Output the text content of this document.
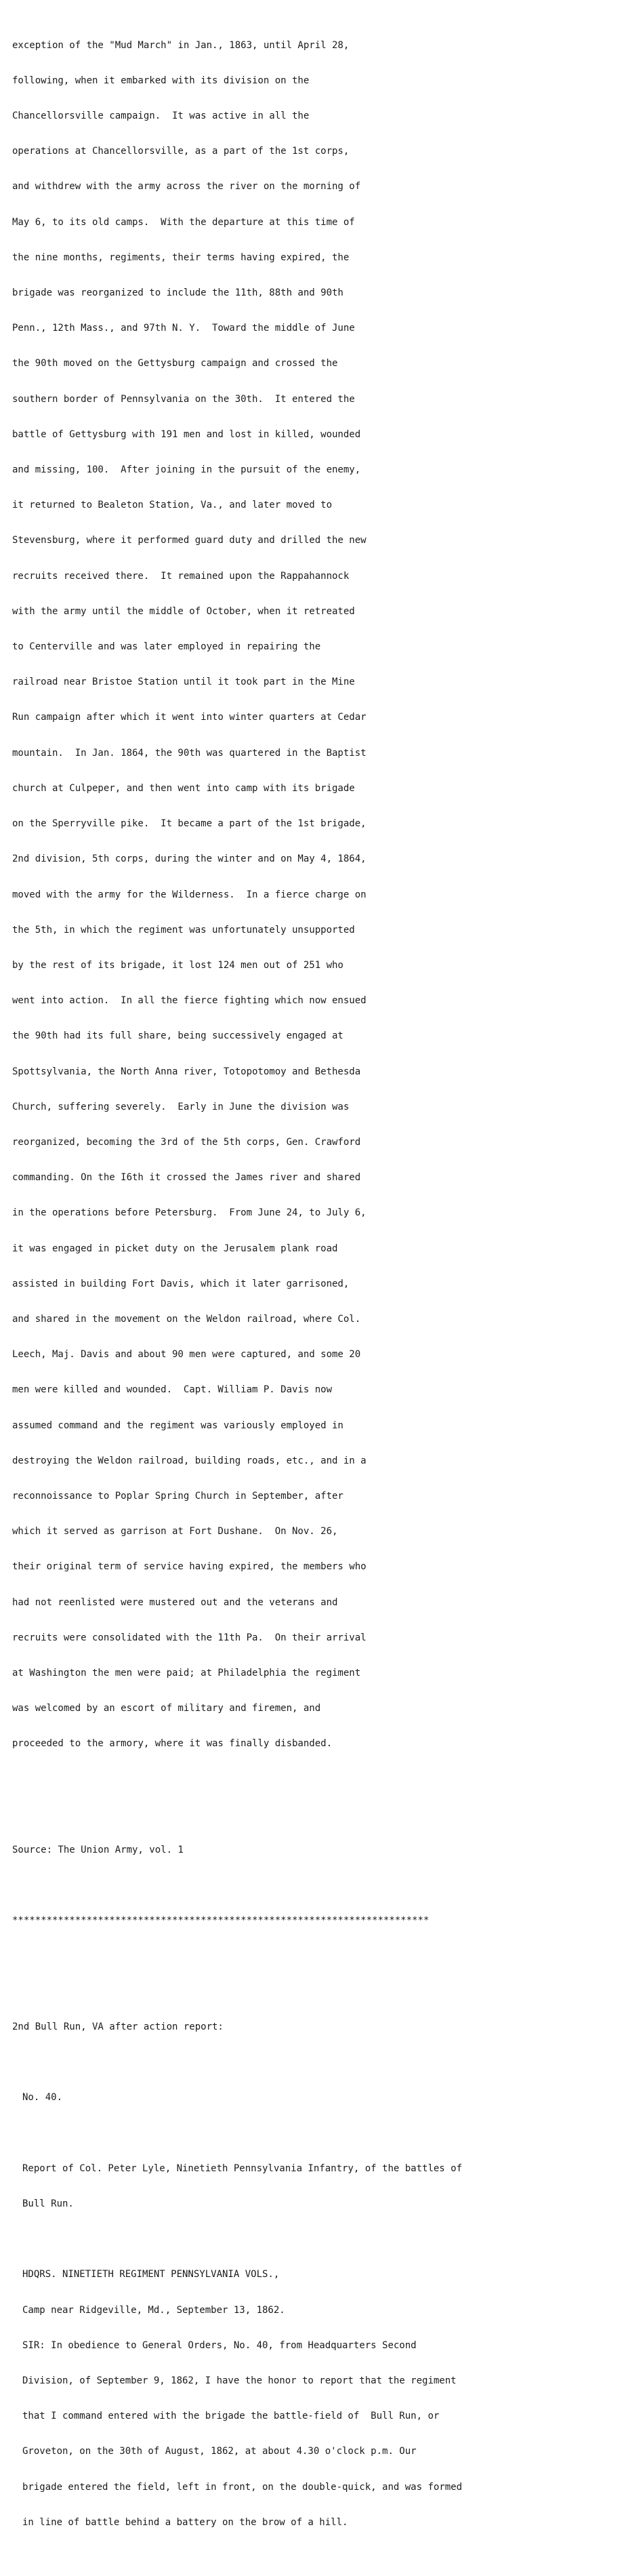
exception of the "Mud March" in Jan., 1863, until April 28,

following, when it embarked with its division on the

Chancellorsville campaign.  It was active in all the

operations at Chancellorsville, as a part of the 1st corps,

and withdrew with the army across the river on the morning of

May 6, to its old camps.  With the departure at this time of

the nine months, regiments, their terms having expired, the

brigade was reorganized to include the 11th, 88th and 90th

Penn., 12th Mass., and 97th N. Y.  Toward the middle of June

the 90th moved on the Gettysburg campaign and crossed the

southern border of Pennsylvania on the 30th.  It entered the

battle of Gettysburg with 191 men and lost in killed, wounded

and missing, 100.  After joining in the pursuit of the enemy,

it returned to Bealeton Station, Va., and later moved to

Stevensburg, where it performed guard duty and drilled the new

recruits received there.  It remained upon the Rappahannock

with the army until the middle of October, when it retreated

to Centerville and was later employed in repairing the

railroad near Bristoe Station until it took part in the Mine

Run campaign after which it went into winter quarters at Cedar

mountain.  In Jan. 1864, the 90th was quartered in the Baptist

church at Culpeper, and then went into camp with its brigade

on the Sperryville pike.  It became a part of the 1st brigade,

2nd division, 5th corps, during the winter and on May 4, 1864,

moved with the army for the Wilderness.  In a fierce charge on

the 5th, in which the regiment was unfortunately unsupported

by the rest of its brigade, it lost 124 men out of 251 who

went into action.  In all the fierce fighting which now ensued

the 90th had its full share, being successively engaged at

Spottsylvania, the North Anna river, Totopotomoy and Bethesda

Church, suffering severely.  Early in June the division was

reorganized, becoming the 3rd of the 5th corps, Gen. Crawford

commanding. On the I6th it crossed the James river and shared

in the operations before Petersburg.  From June 24, to July 6,

it was engaged in picket duty on the Jerusalem plank road

assisted in building Fort Davis, which it later garrisoned,

and shared in the movement on the Weldon railroad, where Col.

Leech, Maj. Davis and about 90 men were captured, and some 20

men were killed and wounded.  Capt. William P. Davis now

assumed command and the regiment was variously employed in

destroying the Weldon railroad, building roads, etc., and in a

reconnoissance to Poplar Spring Church in September, after

which it served as garrison at Fort Dushane.  On Nov. 26,

their original term of service having expired, the members who

had not reenlisted were mustered out and the veterans and

recruits were consolidated with the 11th Pa.  On their arrival

at Washington the men were paid; at Philadelphia the regiment

was welcomed by an escort of military and firemen, and

proceeded to the armory, where it was finally disbanded.

Source: The Union Army, vol. 1

*************************************************************************

2nd Bull Run, VA after action report:

No. 40.

Report of Col. Peter Lyle, Ninetieth Pennsylvania Infantry, of the battles of

Bull Run.

HDQRS. NINETIETH REGIMENT PENNSYLVANIA VOLS.,

Camp near Ridgeville, Md., September 13, 1862.

SIR: In obedience to General Orders, No. 40, from Headquarters Second

Division, of September 9, 1862, I have the honor to report that the regiment

that I command entered with the brigade the battle-field of  Bull Run, or

Groveton, on the 30th of August, 1862, at about 4.30 o'clock p.m. Our

brigade entered the field, left in front, on the double-quick, and was formed

in line of battle behind a battery on the brow of a hill.
